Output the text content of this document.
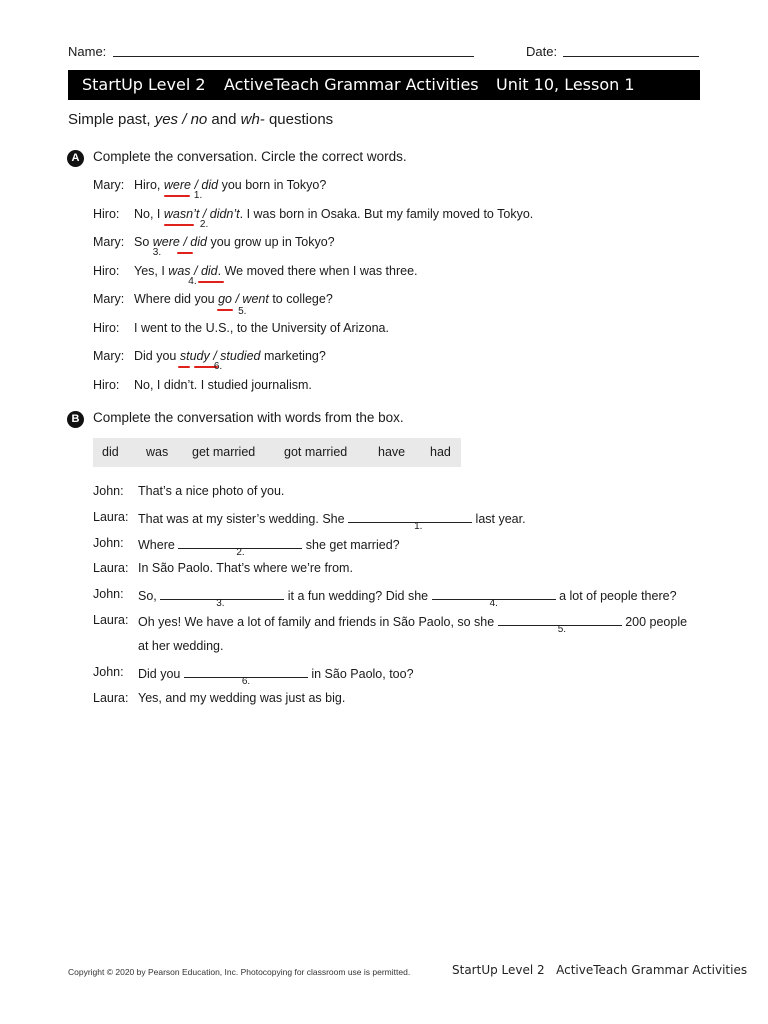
Name:	Date:
StartUp Level 2 ActiveTeach Grammar Activities Unit 10, Lesson 1
Simple past, yes / no and wh- questions
A	Complete the conversation. Circle the correct words.
Mary: Hiro, were / did
1.
you born in Tokyo?
Hiro: No, I wasn’t / didn’t
2.
. I was born in Osaka. But my family moved to Tokyo.
Mary: So were / did
3.
you grow up in Tokyo?
Hiro: Yes, I was / did
4.
. We moved there when I was three.
Mary: Where did you go / went
5.
to college?
Hiro: I went to the U.S., to the University of Arizona.
Mary: Did you study / studied
6.
marketing?
Hiro: No, I didn’t. I studied journalism.
B	Complete the conversation with words from the box.
did was get married got married have had
John: That’s a nice photo of you.
Laura: That was at my sister’s wedding. She
1.
last year.
John: Where
2.
she get married?
Laura: In São Paolo. That’s where we’re from.
John: So,
3.
it a fun wedding? Did she
4.
a lot of people there?
Laura: Oh yes! We have a lot of family and friends in São Paolo, so she
5.
200 people
at her wedding.
John: Did you
6.
in São Paolo, too?
Laura: Yes, and my wedding was just as big.
Copyright © 2020 by Pearson Education, Inc. Photocopying for classroom use is permitted.	StartUp Level 2 ActiveTeach Grammar Activities
